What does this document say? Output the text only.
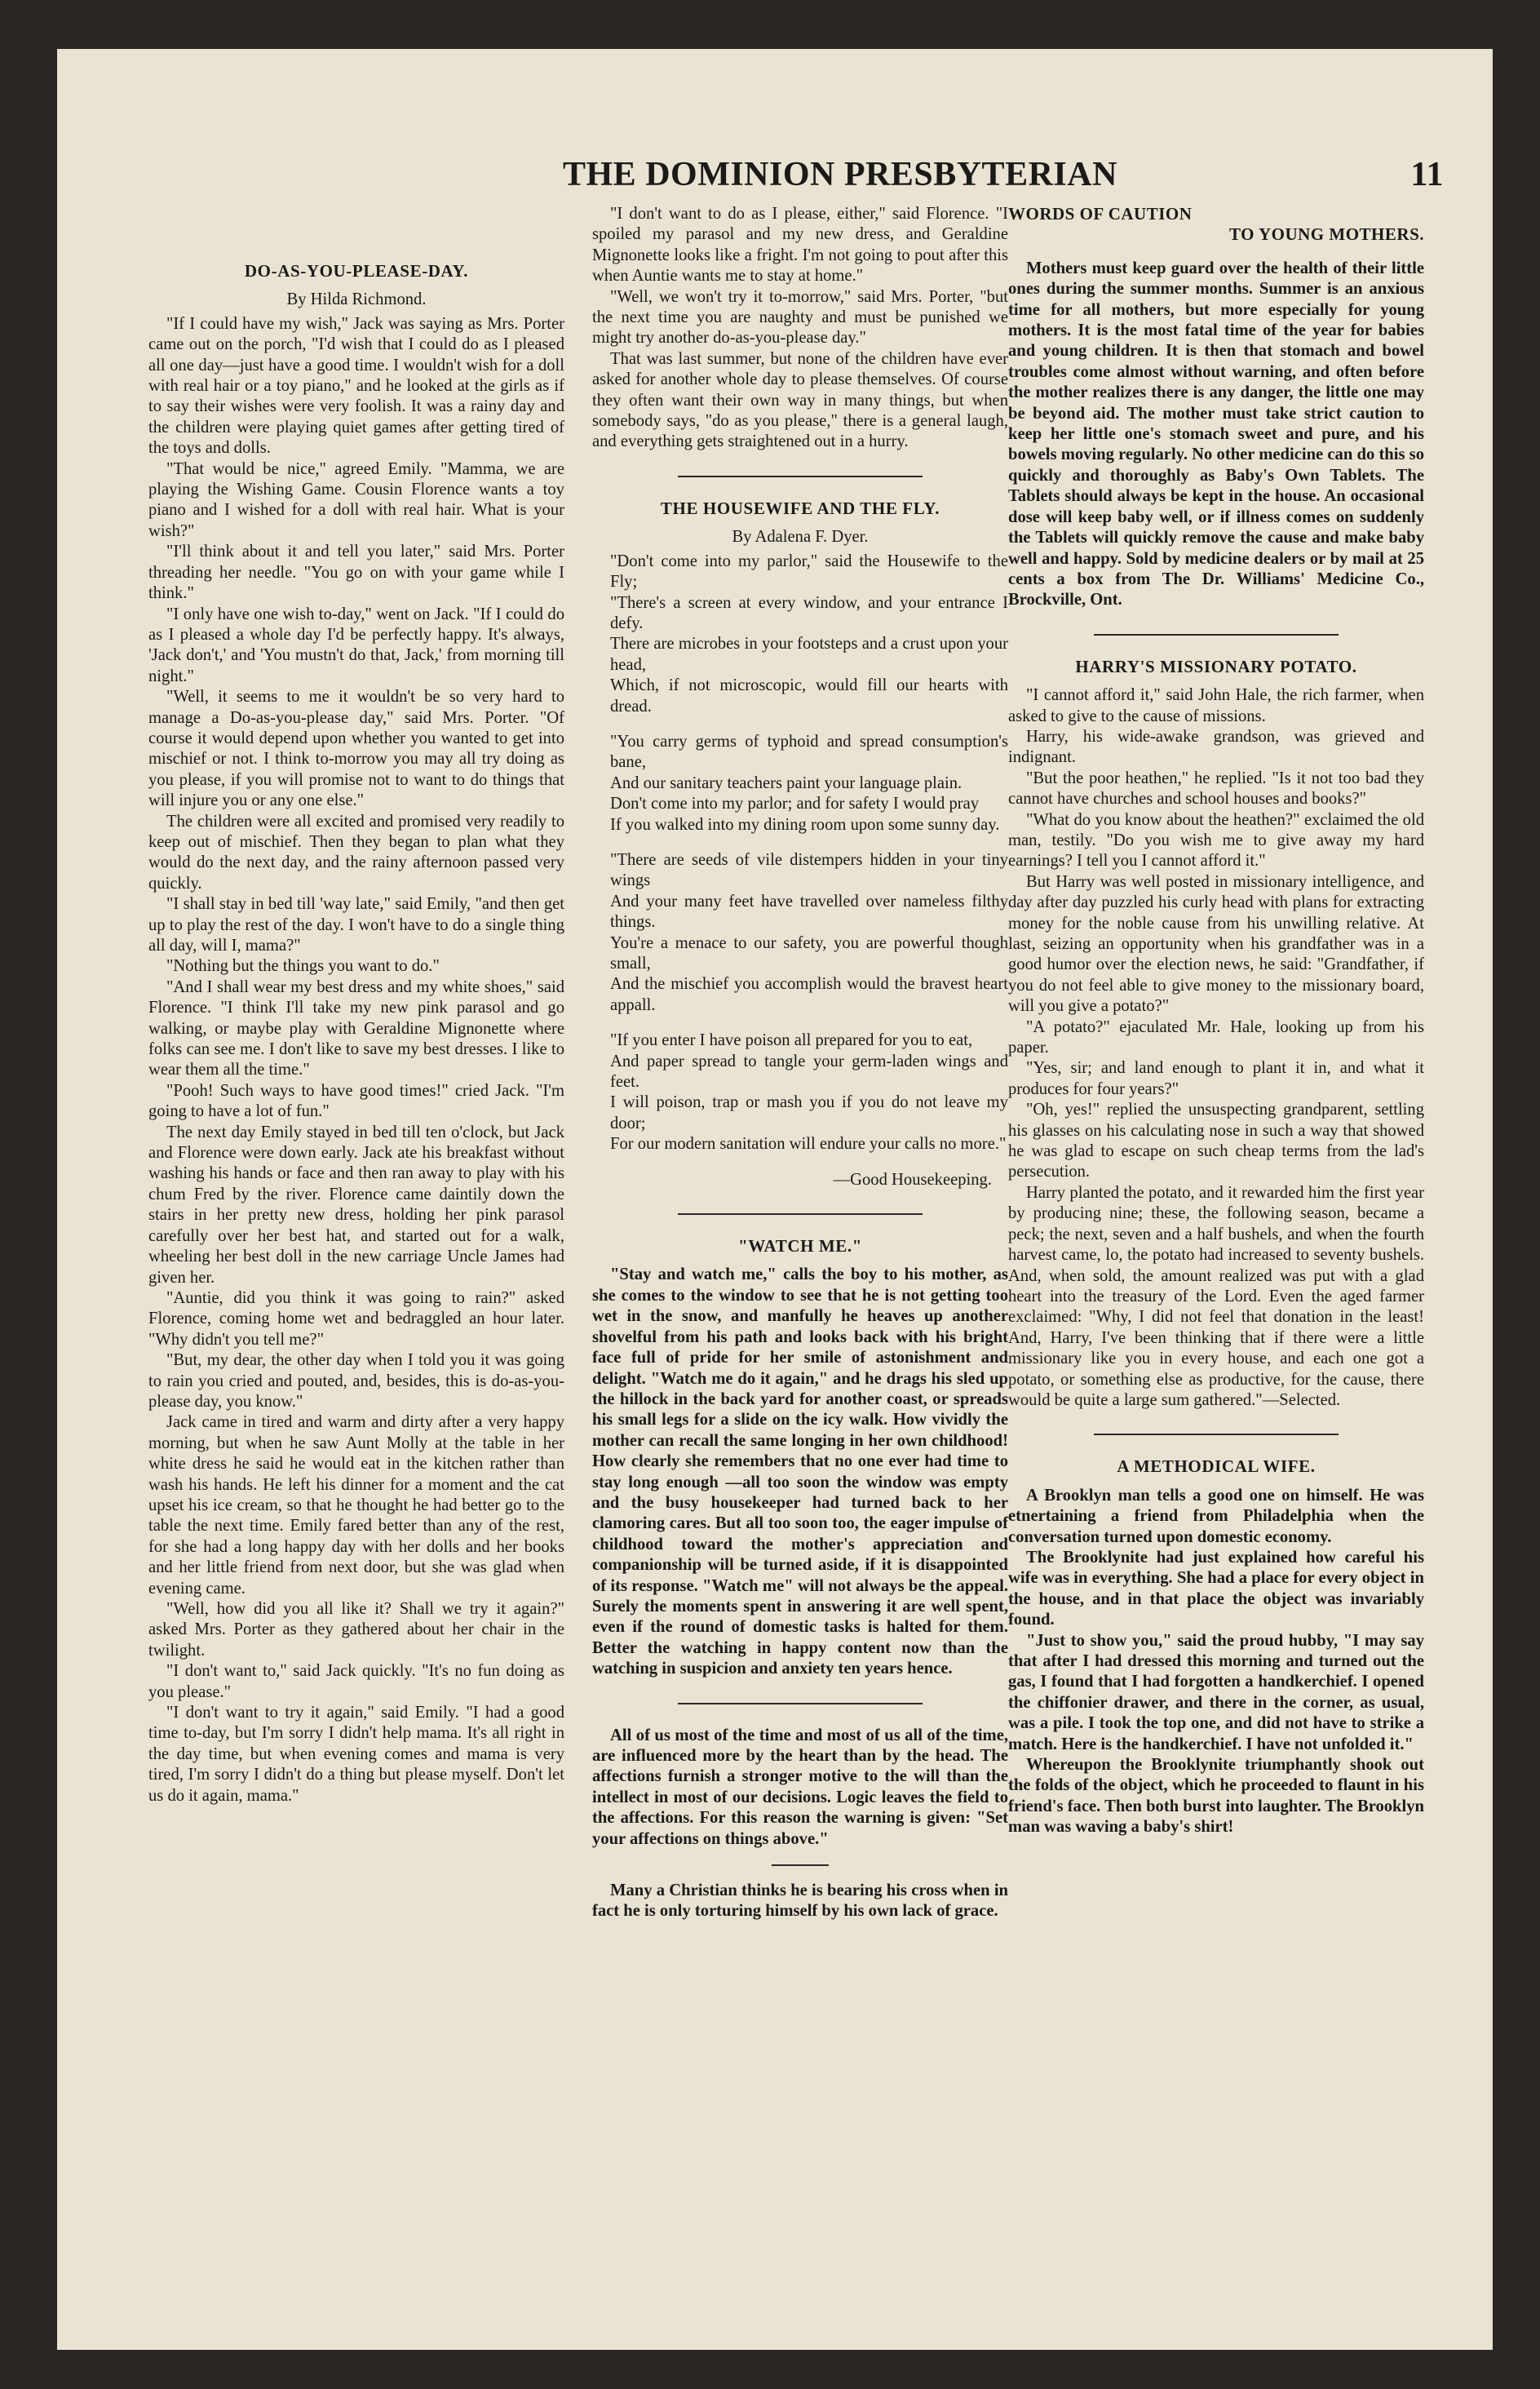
THE DOMINION PRESBYTERIAN	11
DO-AS-YOU-PLEASE-DAY.
By Hilda Richmond.

"If I could have my wish," Jack was saying as Mrs. Porter came out on the porch, "I'd wish that I could do as I pleased all one day—just have a good time. I wouldn't wish for a doll with real hair or a toy piano," and he looked at the girls as if to say their wishes were very foolish. It was a rainy day and the children were playing quiet games after getting tired of the toys and dolls.

"That would be nice," agreed Emily. "Mamma, we are playing the Wishing Game. Cousin Florence wants a toy piano and I wished for a doll with real hair. What is your wish?"

"I'll think about it and tell you later," said Mrs. Porter threading her needle. "You go on with your game while I think."

"I only have one wish to-day," went on Jack. "If I could do as I pleased a whole day I'd be perfectly happy. It's always, 'Jack don't,' and 'You mustn't do that, Jack,' from morning till night."

"Well, it seems to me it wouldn't be so very hard to manage a Do-as-you-please day," said Mrs. Porter. "Of course it would depend upon whether you wanted to get into mischief or not. I think to-morrow you may all try doing as you please, if you will promise not to want to do things that will injure you or any one else."

The children were all excited and promised very readily to keep out of mischief. Then they began to plan what they would do the next day, and the rainy afternoon passed very quickly.

"I shall stay in bed till 'way late," said Emily, "and then get up to play the rest of the day. I won't have to do a single thing all day, will I, mama?"

"Nothing but the things you want to do."

"And I shall wear my best dress and my white shoes," said Florence. "I think I'll take my new pink parasol and go walking, or maybe play with Geraldine Mignonette where folks can see me. I don't like to save my best dresses. I like to wear them all the time."

"Pooh! Such ways to have good times!" cried Jack. "I'm going to have a lot of fun."

The next day Emily stayed in bed till ten o'clock, but Jack and Florence were down early. Jack ate his breakfast without washing his hands or face and then ran away to play with his chum Fred by the river. Florence came daintily down the stairs in her pretty new dress, holding her pink parasol carefully over her best hat, and started out for a walk, wheeling her best doll in the new carriage Uncle James had given her.

"Auntie, did you think it was going to rain?" asked Florence, coming home wet and bedraggled an hour later. "Why didn't you tell me?"

"But, my dear, the other day when I told you it was going to rain you cried and pouted, and, besides, this is do-as-you-please day, you know."

Jack came in tired and warm and dirty after a very happy morning, but when he saw Aunt Molly at the table in her white dress he said he would eat in the kitchen rather than wash his hands. He left his dinner for a moment and the cat upset his ice cream, so that he thought he had better go to the table the next time. Emily fared better than any of the rest, for she had a long happy day with her dolls and her books and her little friend from next door, but she was glad when evening came.

"Well, how did you all like it? Shall we try it again?" asked Mrs. Porter as they gathered about her chair in the twilight.

"I don't want to," said Jack quickly. "It's no fun doing as you please."

"I don't want to try it again," said Emily. "I had a good time to-day, but I'm sorry I didn't help mama. It's all right in the day time, but when evening comes and mama is very tired, I'm sorry I didn't do a thing but please myself. Don't let us do it again, mama."

"I don't want to do as I please, either," said Florence. "I spoiled my parasol and my new dress, and Geraldine Mignonette looks like a fright. I'm not going to pout after this when Auntie wants me to stay at home."

"Well, we won't try it to-morrow," said Mrs. Porter, "but the next time you are naughty and must be punished we might try another do-as-you-please day."

That was last summer, but none of the children have ever asked for another whole day to please themselves. Of course they often want their own way in many things, but when somebody says, "do as you please," there is a general laugh, and everything gets straightened out in a hurry.

THE HOUSEWIFE AND THE FLY.
By Adalena F. Dyer.

"Don't come into my parlor," said the Housewife to the Fly;

"There's a screen at every window, and your entrance I defy.

There are microbes in your footsteps and a crust upon your head,

Which, if not microscopic, would fill our hearts with dread.

"You carry germs of typhoid and spread consumption's bane,

And our sanitary teachers paint your language plain.

Don't come into my parlor; and for safety I would pray

If you walked into my dining room upon some sunny day.

"There are seeds of vile distempers hidden in your tiny wings

And your many feet have travelled over nameless filthy things.

You're a menace to our safety, you are powerful though small,

And the mischief you accomplish would the bravest heart appall.

"If you enter I have poison all prepared for you to eat,

And paper spread to tangle your germ-laden wings and feet.

I will poison, trap or mash you if you do not leave my door;

For our modern sanitation will endure your calls no more."

—Good Housekeeping.
"WATCH ME."

"Stay and watch me," calls the boy to his mother, as she comes to the window to see that he is not getting too wet in the snow, and manfully he heaves up another shovelful from his path and looks back with his bright face full of pride for her smile of astonishment and delight. "Watch me do it again," and he drags his sled up the hillock in the back yard for another coast, or spreads his small legs for a slide on the icy walk. How vividly the mother can recall the same longing in her own childhood! How clearly she remembers that no one ever had time to stay long enough —all too soon the window was empty and the busy housekeeper had turned back to her clamoring cares. But all too soon too, the eager impulse of childhood toward the mother's appreciation and companionship will be turned aside, if it is disappointed of its response. "Watch me" will not always be the appeal. Surely the moments spent in answering it are well spent, even if the round of domestic tasks is halted for them. Better the watching in happy content now than the watching in suspicion and anxiety ten years hence.

All of us most of the time and most of us all of the time, are influenced more by the heart than by the head. The affections furnish a stronger motive to the will than the intellect in most of our decisions. Logic leaves the field to the affections. For this reason the warning is given: "Set your affections on things above."

Many a Christian thinks he is bearing his cross when in fact he is only torturing himself by his own lack of grace.

WORDS OF CAUTION
TO YOUNG MOTHERS.

Mothers must keep guard over the health of their little ones during the summer months. Summer is an anxious time for all mothers, but more especially for young mothers. It is the most fatal time of the year for babies and young children. It is then that stomach and bowel troubles come almost without warning, and often before the mother realizes there is any danger, the little one may be beyond aid. The mother must take strict caution to keep her little one's stomach sweet and pure, and his bowels moving regularly. No other medicine can do this so quickly and thoroughly as Baby's Own Tablets. The Tablets should always be kept in the house. An occasional dose will keep baby well, or if illness comes on suddenly the Tablets will quickly remove the cause and make baby well and happy. Sold by medicine dealers or by mail at 25 cents a box from The Dr. Williams' Medicine Co., Brockville, Ont.

HARRY'S MISSIONARY POTATO.

"I cannot afford it," said John Hale, the rich farmer, when asked to give to the cause of missions.

Harry, his wide-awake grandson, was grieved and indignant.

"But the poor heathen," he replied. "Is it not too bad they cannot have churches and school houses and books?"

"What do you know about the heathen?" exclaimed the old man, testily. "Do you wish me to give away my hard earnings? I tell you I cannot afford it."

But Harry was well posted in missionary intelligence, and day after day puzzled his curly head with plans for extracting money for the noble cause from his unwilling relative. At last, seizing an opportunity when his grandfather was in a good humor over the election news, he said: "Grandfather, if you do not feel able to give money to the missionary board, will you give a potato?"

"A potato?" ejaculated Mr. Hale, looking up from his paper.

"Yes, sir; and land enough to plant it in, and what it produces for four years?"

"Oh, yes!" replied the unsuspecting grandparent, settling his glasses on his calculating nose in such a way that showed he was glad to escape on such cheap terms from the lad's persecution.

Harry planted the potato, and it rewarded him the first year by producing nine; these, the following season, became a peck; the next, seven and a half bushels, and when the fourth harvest came, lo, the potato had increased to seventy bushels. And, when sold, the amount realized was put with a glad heart into the treasury of the Lord. Even the aged farmer exclaimed: "Why, I did not feel that donation in the least! And, Harry, I've been thinking that if there were a little missionary like you in every house, and each one got a potato, or something else as productive, for the cause, there would be quite a large sum gathered."—Selected.

A METHODICAL WIFE.

A Brooklyn man tells a good one on himself. He was etnertaining a friend from Philadelphia when the conversation turned upon domestic economy.

The Brooklynite had just explained how careful his wife was in everything. She had a place for every object in the house, and in that place the object was invariably found.

"Just to show you," said the proud hubby, "I may say that after I had dressed this morning and turned out the gas, I found that I had forgotten a handkerchief. I opened the chiffonier drawer, and there in the corner, as usual, was a pile. I took the top one, and did not have to strike a match. Here is the handkerchief. I have not unfolded it."

Whereupon the Brooklynite triumphantly shook out the folds of the object, which he proceeded to flaunt in his friend's face. Then both burst into laughter. The Brooklyn man was waving a baby's shirt!
